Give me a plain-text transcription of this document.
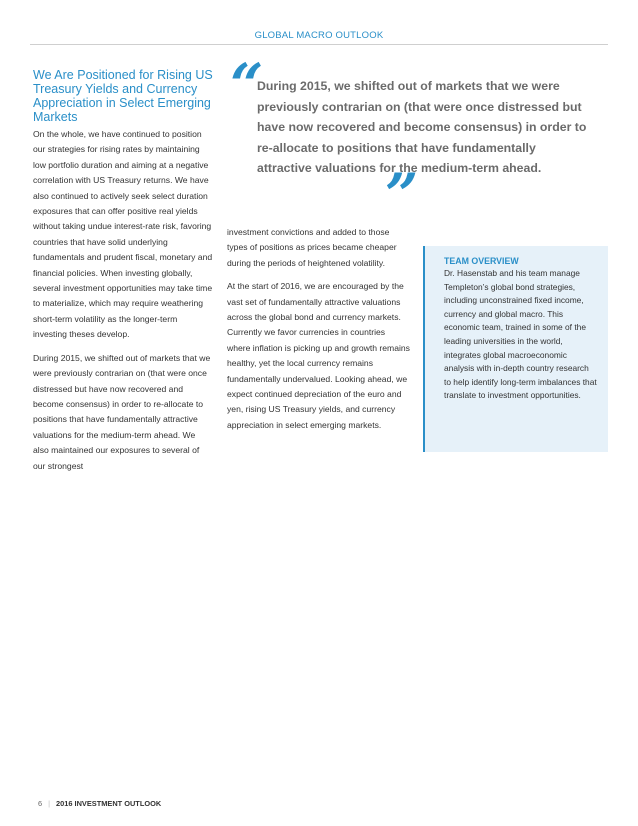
GLOBAL MACRO OUTLOOK
We Are Positioned for Rising US Treasury Yields and Currency Appreciation in Select Emerging Markets

On the whole, we have continued to position our strategies for rising rates by maintaining low portfolio duration and aiming at a negative correlation with US Treasury returns. We have also continued to actively seek select duration exposures that can offer positive real yields without taking undue interest-rate risk, favoring countries that have solid underlying fundamentals and prudent fiscal, monetary and financial policies. When investing globally, several investment opportunities may take time to materialize, which may require weathering short-term volatility as the longer-term investing theses develop.

During 2015, we shifted out of markets that we were previously contrarian on (that were once distressed but have now recovered and become consensus) in order to re-allocate to positions that have fundamentally attractive valuations for the medium-term ahead. We also maintained our exposures to several of our strongest

“

During 2015, we shifted out of markets that we were previously contrarian on (that were once distressed but have now recovered and become consensus) in order to re-allocate to positions that have fundamentally attractive valuations for the medium-term ahead.

”

investment convictions and added to those types of positions as prices became cheaper during the periods of heightened volatility.

At the start of 2016, we are encouraged by the vast set of fundamentally attractive valuations across the global bond and currency markets. Currently we favor currencies in countries where inflation is picking up and growth remains healthy, yet the local currency remains fundamentally undervalued. Looking ahead, we expect continued depreciation of the euro and yen, rising US Treasury yields, and currency appreciation in select emerging markets.

TEAM OVERVIEW

Dr. Hasenstab and his team manage Templeton’s global bond strategies, including unconstrained fixed income, currency and global macro. This economic team, trained in some of the leading universities in the world, integrates global macroeconomic analysis with in-depth country research to help identify long-term imbalances that translate to investment opportunities.

6 | 2016 INVESTMENT OUTLOOK
